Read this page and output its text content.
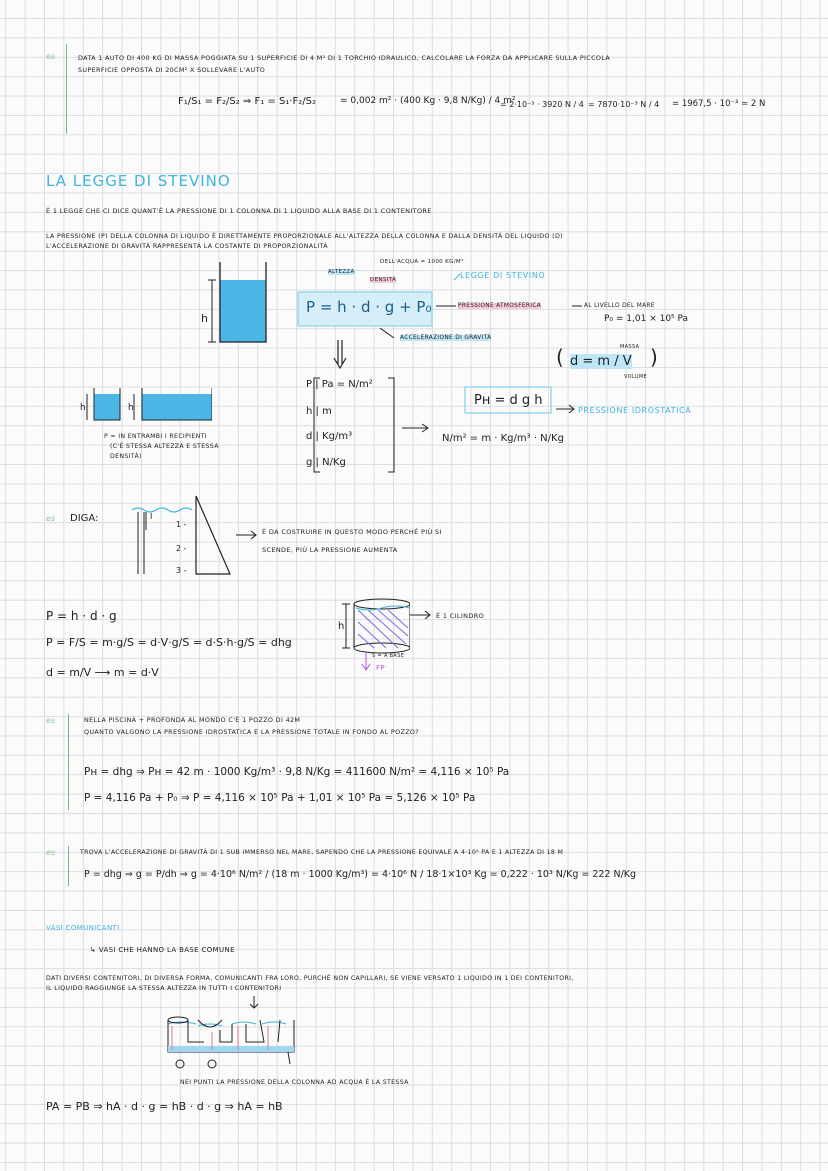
es	DATA 1 AUTO DI 400 KG DI MASSA POGGIATA SU 1 SUPERFICIE DI 4 M² DI 1 TORCHIO IDRAULICO, CALCOLARE LA FORZA DA APPLICARE SULLA PICCOLA
SUPERFICIE OPPOSTA DI 20CM² X SOLLEVARE L'AUTO
F₁/S₁ = F₂/S₂ ⇒ F₁ = S₁·F₂/S₂	= 0,002 m² · (400 Kg · 9,8 N/Kg) / 4 m²
= 2·10⁻³ · 3920 N / 4 = 7870·10⁻³ N / 4 = 1967,5 · 10⁻³ ≃ 2 N
LA LEGGE DI STEVINO
È 1 LEGGE CHE CI DICE QUANT'È LA PRESSIONE DI 1 COLONNA DI 1 LIQUIDO ALLA BASE DI 1 CONTENITORE
LA PRESSIONE (P) DELLA COLONNA DI LIQUIDO È DIRETTAMENTE PROPORZIONALE ALL'ALTEZZA DELLA COLONNA E DALLA DENSITÀ DEL LIQUIDO (D)
L'ACCELERAZIONE DI GRAVITÀ RAPPRESENTA LA COSTANTE DI PROPORZIONALITÀ
h
ALTEZZA
DENSITÀ
DELL'ACQUA = 1000 KG/M³
LEGGE DI STEVINO
P = h · d · g + P₀	PRESSIONE ATMOSFERICA	AL LIVELLO DEL MARE
P₀ = 1,01 × 10⁵ Pa
ACCELERAZIONE DI GRAVITÀ
(	)
d = m / V
MASSA
VOLUME
P | Pa = N/m²
h | m
d | Kg/m³
g | N/Kg
N/m² = m · Kg/m³ · N/Kg
Pн = d g h
PRESSIONE IDROSTATICA
h	h
P = IN ENTRAMBI I RECIPIENTI
(C'È STESSA ALTEZZA E STESSA
DENSITÀ)
es DIGA:	I
1 -
2 -
3 -
È DA COSTRUIRE IN QUESTO MODO PERCHÉ PIÙ SI
SCENDE, PIÙ LA PRESSIONE AUMENTA
P = h · d · g
P = F/S = m·g/S = d·V·g/S = d·S·h·g/S = dhg
d = m/V ⟶ m = d·V
h
È 1 CILINDRO
S = A BASE
FP
es	NELLA PISCINA + PROFONDA AL MONDO C'È 1 POZZO DI 42M
QUANTO VALGONO LA PRESSIONE IDROSTATICA E LA PRESSIONE TOTALE IN FONDO AL POZZO?
Pн = dhg ⇒ Pн = 42 m · 1000 Kg/m³ · 9,8 N/Kg = 411600 N/m² = 4,116 × 10⁵ Pa
P = 4,116 Pa + P₀ ⇒ P = 4,116 × 10⁵ Pa + 1,01 × 10⁵ Pa = 5,126 × 10⁵ Pa
es	TROVA L'ACCELERAZIONE DI GRAVITÀ DI 1 SUB IMMERSO NEL MARE, SAPENDO CHE LA PRESSIONE EQUIVALE A 4·10⁶ PA E 1 ALTEZZA DI 18 M
P = dhg ⇒ g = P/dh ⇒ g = 4·10⁶ N/m² / (18 m · 1000 Kg/m³) = 4·10⁶ N / 18·1×10³ Kg = 0,222 · 10³ N/Kg = 222 N/Kg
VASI COMUNICANTI
↳ VASI CHE HANNO LA BASE COMUNE
DATI DIVERSI CONTENITORI, DI DIVERSA FORMA, COMUNICANTI FRA LORO, PURCHÉ NON CAPILLARI, SE VIENE VERSATO 1 LIQUIDO IN 1 DEI CONTENITORI,
IL LIQUIDO RAGGIUNGE LA STESSA ALTEZZA IN TUTTI I CONTENITORI
NEI PUNTI LA PRESSIONE DELLA COLONNA AD ACQUA È LA STESSA
PA = PB ⇒ hA · d · g = hB · d · g ⇒ hA = hB
